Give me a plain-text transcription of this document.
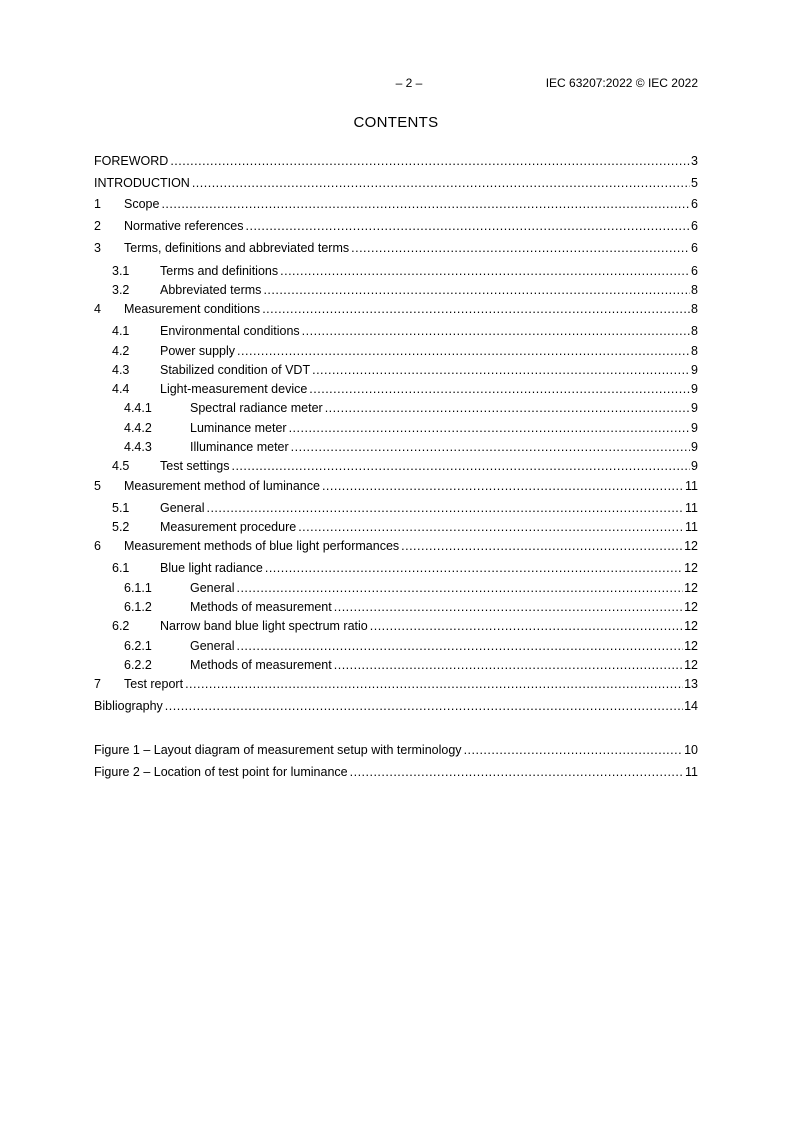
– 2 –	IEC 63207:2022 © IEC 2022
CONTENTS
FOREWORD .....	3
INTRODUCTION .....	5
1	Scope .....	6
2	Normative references .....	6
3	Terms, definitions and abbreviated terms .....	6
3.1	Terms and definitions .....	6
3.2	Abbreviated terms .....	8
4	Measurement conditions .....	8
4.1	Environmental conditions .....	8
4.2	Power supply .....	8
4.3	Stabilized condition of VDT .....	9
4.4	Light-measurement device .....	9
4.4.1	Spectral radiance meter .....	9
4.4.2	Luminance meter .....	9
4.4.3	Illuminance meter .....	9
4.5	Test settings .....	9
5	Measurement method of luminance .....	11
5.1	General .....	11
5.2	Measurement procedure .....	11
6	Measurement methods of blue light performances .....	12
6.1	Blue light radiance .....	12
6.1.1	General .....	12
6.1.2	Methods of measurement .....	12
6.2	Narrow band blue light spectrum ratio .....	12
6.2.1	General .....	12
6.2.2	Methods of measurement .....	12
7	Test report .....	13
Bibliography .....	14
Figure 1 – Layout diagram of measurement setup with terminology .....	10
Figure 2 – Location of test point for luminance .....	11
